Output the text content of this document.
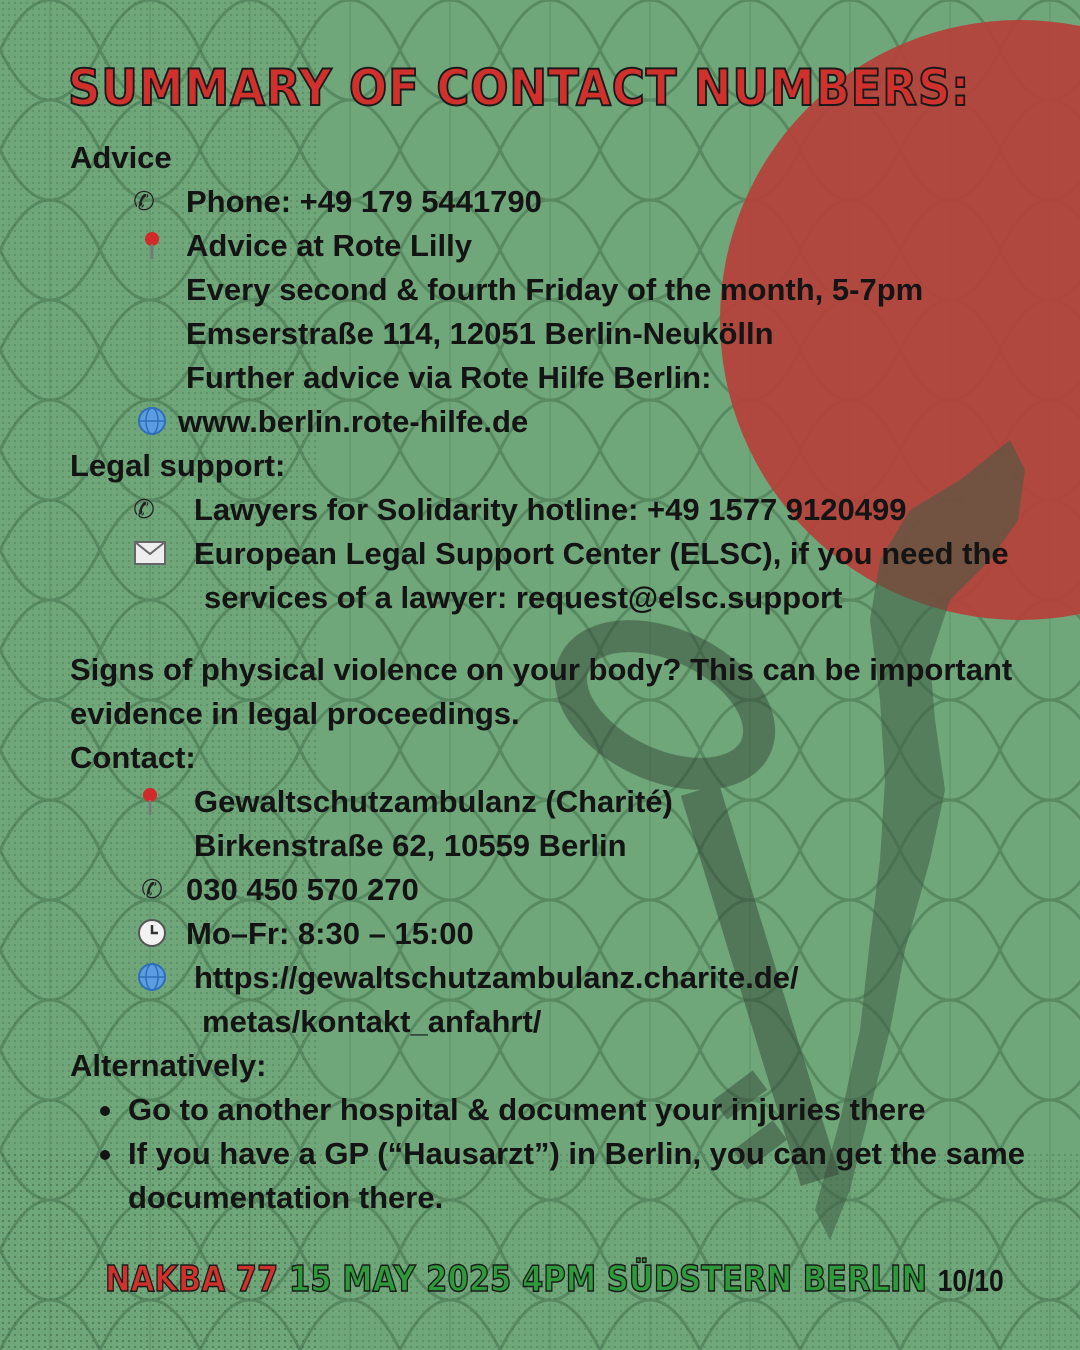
SUMMARY OF CONTACT NUMBERS:
Advice
✆ Phone: +49 179 5441790
Advice at Rote Lilly
Every second & fourth Friday of the month, 5-7pm
Emserstraße 114, 12051 Berlin-Neukölln
Further advice via Rote Hilfe Berlin:
www.berlin.rote-hilfe.de
Legal support:
✆ Lawyers for Solidarity hotline: +49 1577 9120499
European Legal Support Center (ELSC), if you need the
services of a lawyer: request@elsc.support
Signs of physical violence on your body? This can be important
evidence in legal proceedings.
Contact:
Gewaltschutzambulanz (Charité)
Birkenstraße 62, 10559 Berlin
✆ 030 450 570 270
Mo–Fr: 8:30 – 15:00
https://gewaltschutzambulanz.charite.de/
metas/kontakt_anfahrt/
Alternatively:
Go to another hospital & document your injuries there
If you have a GP (“Hausarzt”) in Berlin, you can get the same
documentation there.
NAKBA 77 15 MAY 2025 4PM SÜDSTERN BERLIN 10/10
